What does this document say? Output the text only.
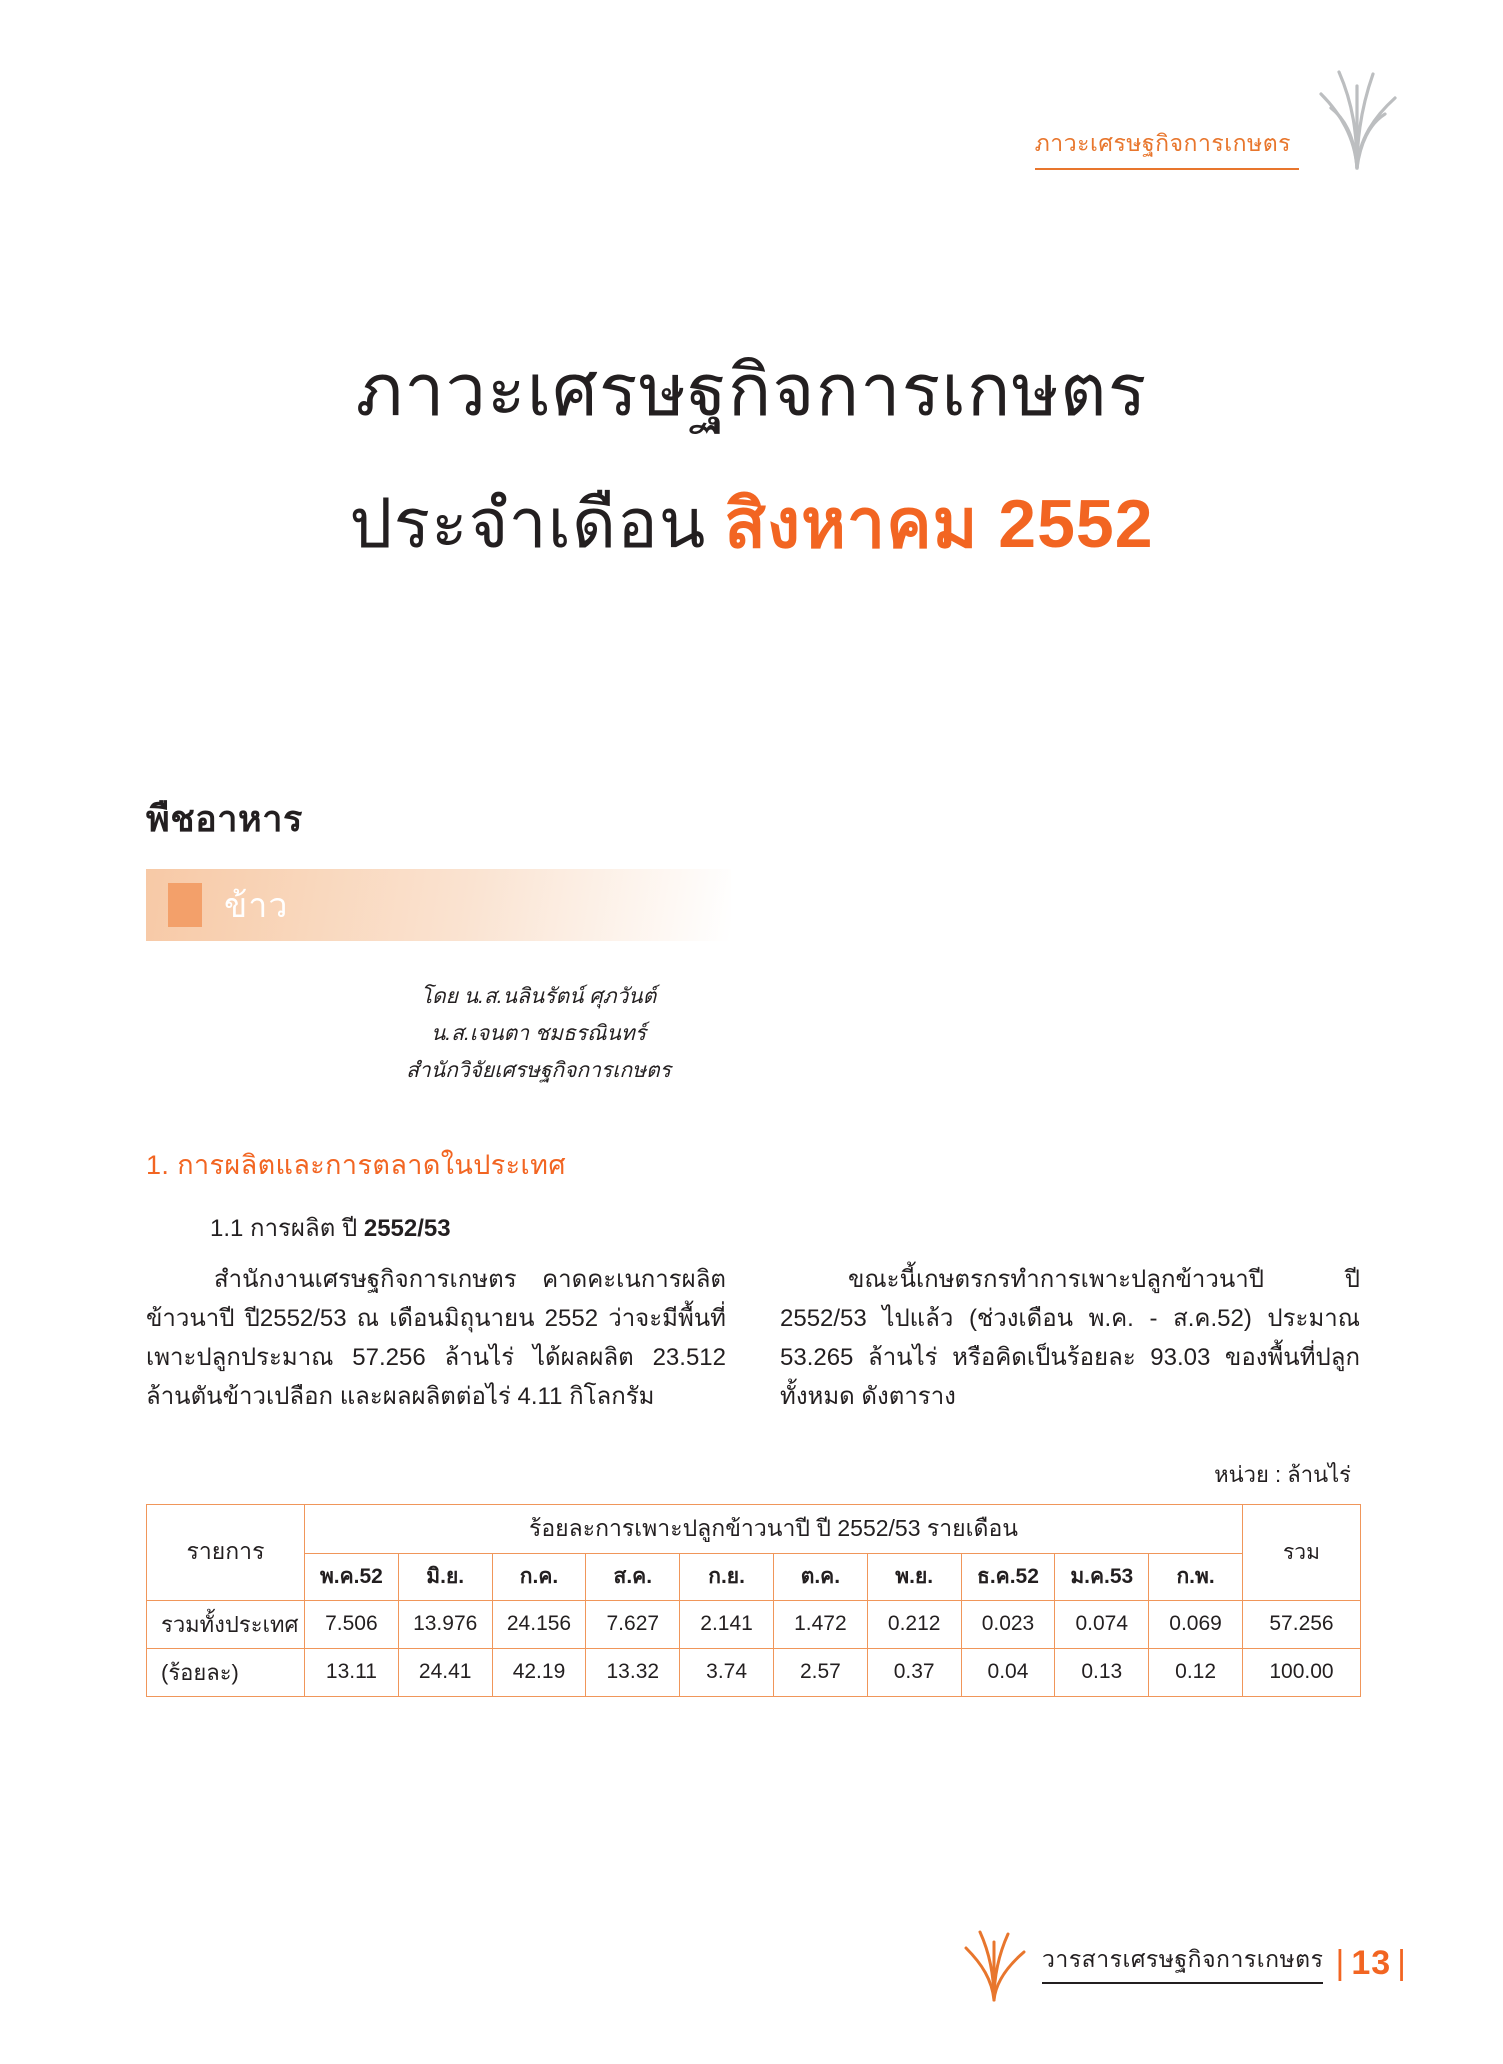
ภาวะเศรษฐกิจการเกษตร
ภาวะเศรษฐกิจการเกษตร
ประจำเดือน สิงหาคม 2552
พืชอาหาร
ข้าว
โดย น.ส.นลินรัตน์ ศุภวันต์
น.ส.เจนตา ชมธรณินทร์
สำนักวิจัยเศรษฐกิจการเกษตร
1. การผลิตและการตลาดในประเทศ
1.1 การผลิต ปี 2552/53

สำนักงานเศรษฐกิจการเกษตร คาดคะเนการผลิตข้าวนาปี ปี2552/53 ณ เดือนมิถุนายน 2552 ว่าจะมีพื้นที่เพาะปลูกประมาณ 57.256 ล้านไร่ ได้ผลผลิต 23.512 ล้านตันข้าวเปลือก และผลผลิตต่อไร่ 4.11 กิโลกรัม

ขณะนี้เกษตรกรทำการเพาะปลูกข้าวนาปี ปี 2552/53 ไปแล้ว (ช่วงเดือน พ.ค. - ส.ค.52) ประมาณ 53.265 ล้านไร่ หรือคิดเป็นร้อยละ 93.03 ของพื้นที่ปลูกทั้งหมด ดังตาราง

หน่วย : ล้านไร่
รายการ	ร้อยละการเพาะปลูกข้าวนาปี ปี 2552/53 รายเดือน										รวม
	พ.ค.52	มิ.ย.	ก.ค.	ส.ค.	ก.ย.	ต.ค.	พ.ย.	ธ.ค.52	ม.ค.53	ก.พ.	
รวมทั้งประเทศ	7.506	13.976	24.156	7.627	2.141	1.472	0.212	0.023	0.074	0.069	57.256
(ร้อยละ)	13.11	24.41	42.19	13.32	3.74	2.57	0.37	0.04	0.13	0.12	100.00
วารสารเศรษฐกิจการเกษตร | 13 |
